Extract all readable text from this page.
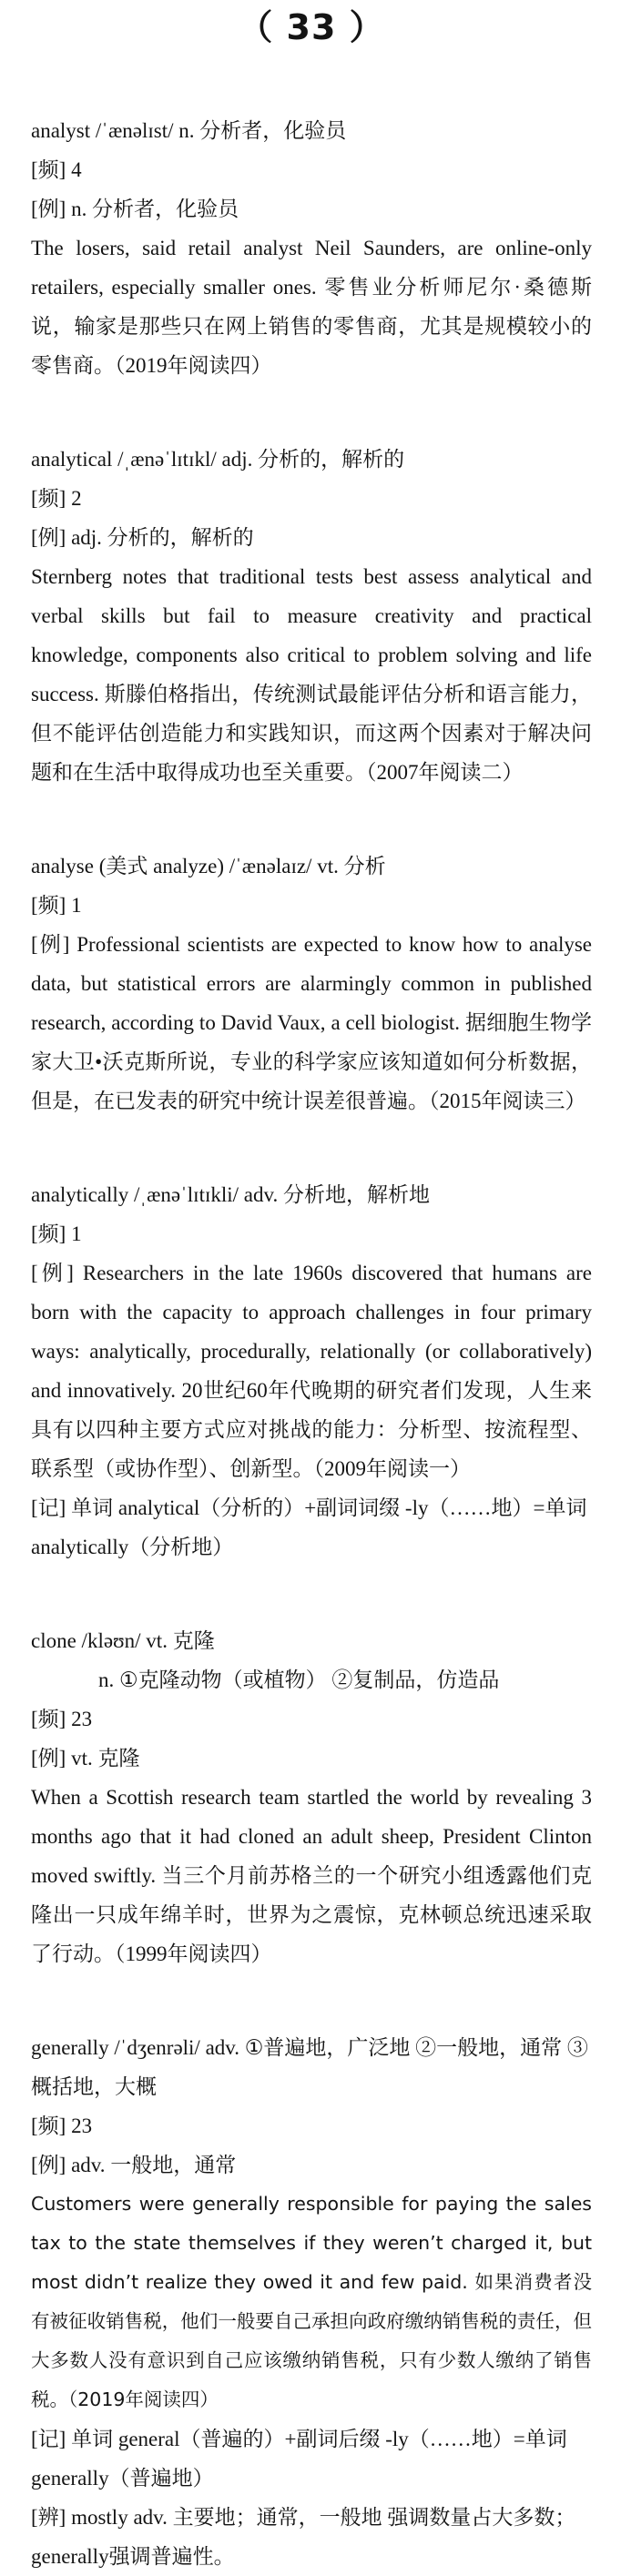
（ 33 ）
analyst /ˈænəlɪst/ n. 分析者，化验员
[频] 4
[例] n. 分析者，化验员
The losers, said retail analyst Neil Saunders, are online-only retailers, especially smaller ones. 零售业分析师尼尔·桑德斯说，输家是那些只在网上销售的零售商，尤其是规模较小的零售商。（2019年阅读四）
analytical /ˌænəˈlɪtɪkl/ adj. 分析的，解析的
[频] 2
[例] adj. 分析的，解析的
Sternberg notes that traditional tests best assess analytical and verbal skills but fail to measure creativity and practical knowledge, components also critical to problem solving and life success. 斯滕伯格指出，传统测试最能评估分析和语言能力，但不能评估创造能力和实践知识，而这两个因素对于解决问题和在生活中取得成功也至关重要。（2007年阅读二）
analyse (美式 analyze) /ˈænəlaɪz/ vt. 分析
[频] 1
[例] Professional scientists are expected to know how to analyse data, but statistical errors are alarmingly common in published research, according to David Vaux, a cell biologist. 据细胞生物学家大卫•沃克斯所说，专业的科学家应该知道如何分析数据，但是，在已发表的研究中统计误差很普遍。（2015年阅读三）
analytically /ˌænəˈlɪtɪkli/ adv. 分析地，解析地
[频] 1
[例] Researchers in the late 1960s discovered that humans are born with the capacity to approach challenges in four primary ways: analytically, procedurally, relationally (or collaboratively) and innovatively. 20世纪60年代晚期的研究者们发现，人生来具有以四种主要方式应对挑战的能力：分析型、按流程型、联系型（或协作型）、创新型。（2009年阅读一）
[记] 单词 analytical（分析的）+副词词缀 -ly（……地）=单词 analytically（分析地）
clone /kləʊn/ vt. 克隆
n. ①克隆动物（或植物） ②复制品，仿造品
[频] 23
[例] vt. 克隆
When a Scottish research team startled the world by revealing 3 months ago that it had cloned an adult sheep, President Clinton moved swiftly. 当三个月前苏格兰的一个研究小组透露他们克隆出一只成年绵羊时，世界为之震惊，克林顿总统迅速采取了行动。（1999年阅读四）
generally /ˈdʒenrəli/ adv. ①普遍地，广泛地 ②一般地，通常 ③概括地，大概
[频] 23
[例] adv. 一般地，通常
Customers were generally responsible for paying the sales tax to the state themselves if they weren’t charged it, but most didn’t realize they owed it and few paid. 如果消费者没有被征收销售税，他们一般要自己承担向政府缴纳销售税的责任，但大多数人没有意识到自己应该缴纳销售税，只有少数人缴纳了销售税。（2019年阅读四）
[记] 单词 general（普遍的）+副词后缀 -ly（……地）=单词 generally（普遍地）
[辨] mostly adv. 主要地；通常，一般地 强调数量占大多数；generally强调普遍性。
